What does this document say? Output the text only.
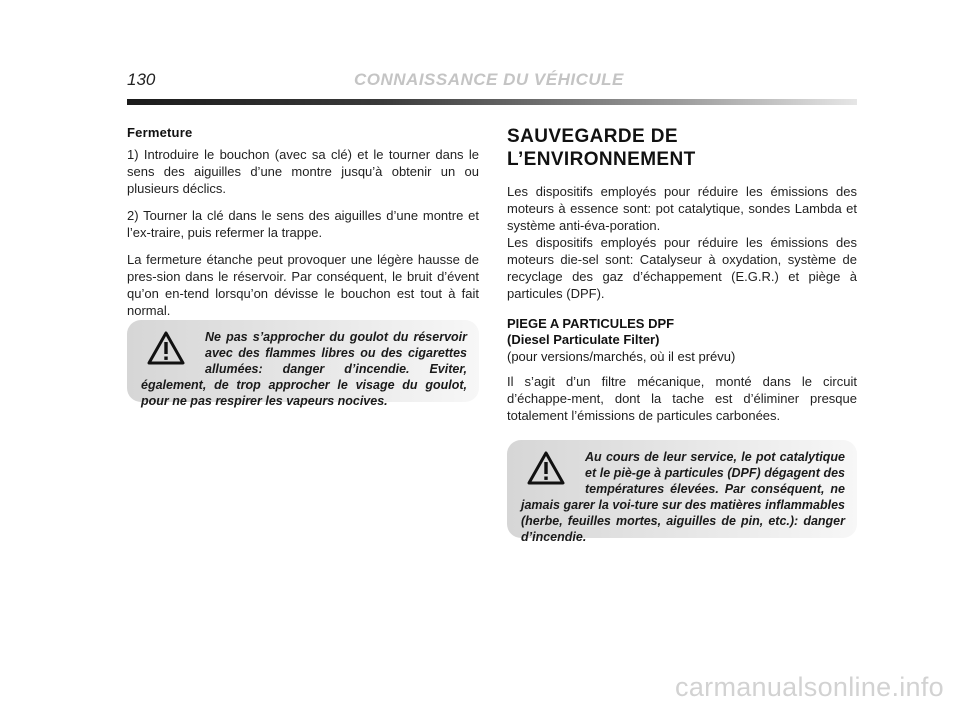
130	CONNAISSANCE DU VÉHICULE
Fermeture

1) Introduire le bouchon (avec sa clé) et le tourner dans le sens des aiguilles d’une montre jusqu’à obtenir un ou plusieurs déclics.

2) Tourner la clé dans le sens des aiguilles d’une montre et l’ex-traire, puis refermer la trappe.

La fermeture étanche peut provoquer une légère hausse de pres-sion dans le réservoir. Par conséquent, le bruit d’évent qu’on en-tend lorsqu’on dévisse le bouchon est tout à fait normal.

Ne pas s’approcher du goulot du réservoir avec des flammes libres ou des cigarettes allumées: danger d’incendie. Eviter, également, de trop approcher le visage du goulot, pour ne pas respirer les vapeurs nocives.

SAUVEGARDE DE
L’ENVIRONNEMENT

Les dispositifs employés pour réduire les émissions des moteurs à essence sont: pot catalytique, sondes Lambda et système anti-éva-poration.

Les dispositifs employés pour réduire les émissions des moteurs die-sel sont: Catalyseur à oxydation, système de recyclage des gaz d’échappement (E.G.R.) et piège à particules (DPF).

PIEGE A PARTICULES DPF
(Diesel Particulate Filter)

(pour versions/marchés, où il est prévu)

Il s’agit d’un filtre mécanique, monté dans le circuit d’échappe-ment, dont la tache est d’éliminer presque totalement l’émissions de particules carbonées.

Au cours de leur service, le pot catalytique et le piè-ge à particules (DPF) dégagent des températures élevées. Par conséquent, ne jamais garer la voi-ture sur des matières inflammables (herbe, feuilles mortes, aiguilles de pin, etc.): danger d’incendie.

carmanualsonline.info
